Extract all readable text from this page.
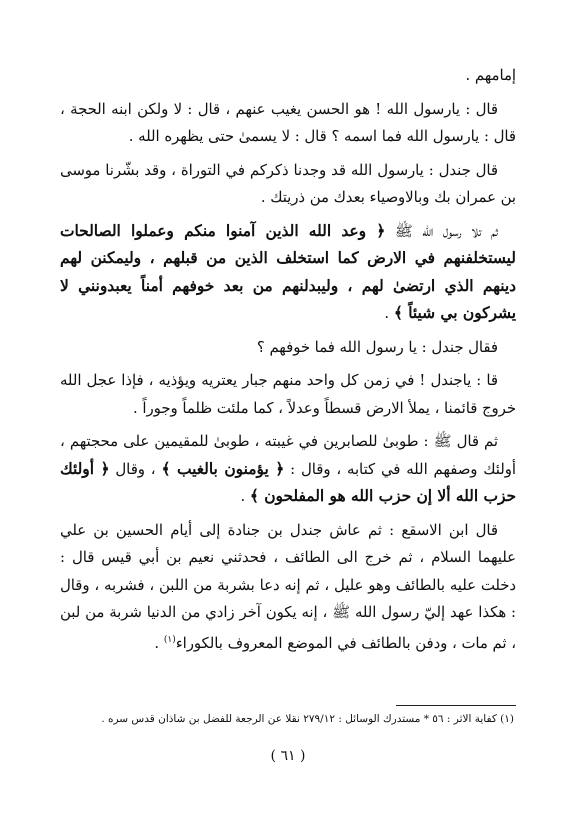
إمامهم .

قال : يارسول الله ! هو الحسن يغيب عنهم ، قال : لا ولكن ابنه الحجة ، قال : يارسول الله فما اسمه ؟ قال : لا يسمىٰ حتى يظهره الله .

قال جندل : يارسول الله قد وجدنا ذكركم في التوراة ، وقد بشّرنا موسى بن عمران بك وبالاوصياء بعدك من ذريتك .

ثم تلا رسول الله ﷺ ﴿ وعد الله الذين آمنوا منكم وعملوا الصالحات ليستخلفنهم في الارض كما استخلف الذين من قبلهم ، وليمكنن لهم دينهم الذي ارتضىٰ لهم ، وليبدلنهم من بعد خوفهم أمناً يعبدونني لا يشركون بي شيئاً ﴾ .

فقال جندل : يا رسول الله فما خوفهم ؟

قا : ياجندل ! في زمن كل واحد منهم جبار يعتريه ويؤذيه ، فإذا عجل الله خروج قائمنا ، يملأ الارض قسطاً وعدلاً ، كما ملئت ظلماً وجوراً .

ثم قال ﷺ : طوبىٰ للصابرين في غيبته ، طوبىٰ للمقيمين على محجتهم ، أولئك وصفهم الله في كتابه ، وقال : ﴿ يؤمنون بالغيب ﴾ ، وقال ﴿ أولئك حزب الله ألا إن حزب الله هو المفلحون ﴾ .

قال ابن الاسقع : ثم عاش جندل بن جنادة إلى أيام الحسين بن علي عليهما السلام ، ثم خرج الى الطائف ، فحدثني نعيم بن أبي قيس قال : دخلت عليه بالطائف وهو عليل ، ثم إنه دعا بشربة من اللبن ، فشربه ، وقال : هكذا عهد إليّ رسول الله ﷺ ، إنه يكون آخر زادي من الدنيا شربة من لبن ، ثم مات ، ودفن بالطائف في الموضع المعروف بالكوراء$^{(١)}$ .

(١) كفاية الاثر : ٥٦ * مستدرك الوسائل : ٢٧٩/١٢ نقلا عن الرجعة للفضل بن شاذان قدس سره .
( ٦١ )
